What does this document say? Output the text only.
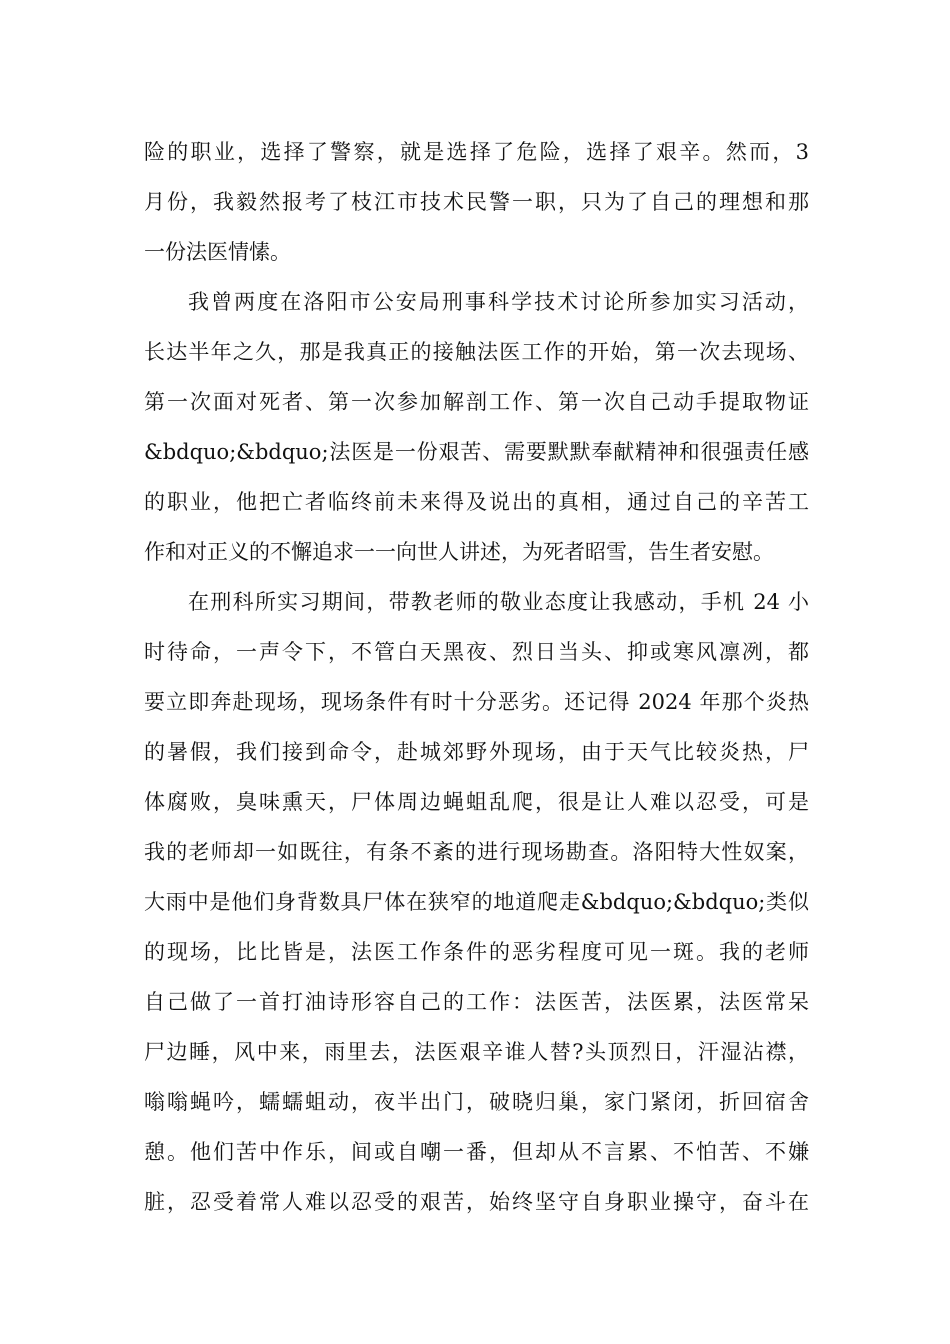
险的职业，选择了警察，就是选择了危险，选择了艰辛。然而，3
月份，我毅然报考了枝江市技术民警一职，只为了自己的理想和那
一份法医情愫。
我曾两度在洛阳市公安局刑事科学技术讨论所参加实习活动，
长达半年之久，那是我真正的接触法医工作的开始，第一次去现场、
第一次面对死者、第一次参加解剖工作、第一次自己动手提取物证
&bdquo;&bdquo;法医是一份艰苦、需要默默奉献精神和很强责任感
的职业，他把亡者临终前未来得及说出的真相，通过自己的辛苦工
作和对正义的不懈追求一一向世人讲述，为死者昭雪，告生者安慰。
在刑科所实习期间，带教老师的敬业态度让我感动，手机 24 小
时待命，一声令下，不管白天黑夜、烈日当头、抑或寒风凛冽，都
要立即奔赴现场，现场条件有时十分恶劣。还记得 2024 年那个炎热
的暑假，我们接到命令，赴城郊野外现场，由于天气比较炎热，尸
体腐败，臭味熏天，尸体周边蝇蛆乱爬，很是让人难以忍受，可是
我的老师却一如既往，有条不紊的进行现场勘查。洛阳特大性奴案，
大雨中是他们身背数具尸体在狭窄的地道爬走&bdquo;&bdquo;类似
的现场，比比皆是，法医工作条件的恶劣程度可见一斑。我的老师
自己做了一首打油诗形容自己的工作：法医苦，法医累，法医常呆
尸边睡，风中来，雨里去，法医艰辛谁人替?头顶烈日，汗湿沾襟，
嗡嗡蝇吟，蠕蠕蛆动，夜半出门，破晓归巢，家门紧闭，折回宿舍
憩。他们苦中作乐，间或自嘲一番，但却从不言累、不怕苦、不嫌
脏，忍受着常人难以忍受的艰苦，始终坚守自身职业操守，奋斗在
